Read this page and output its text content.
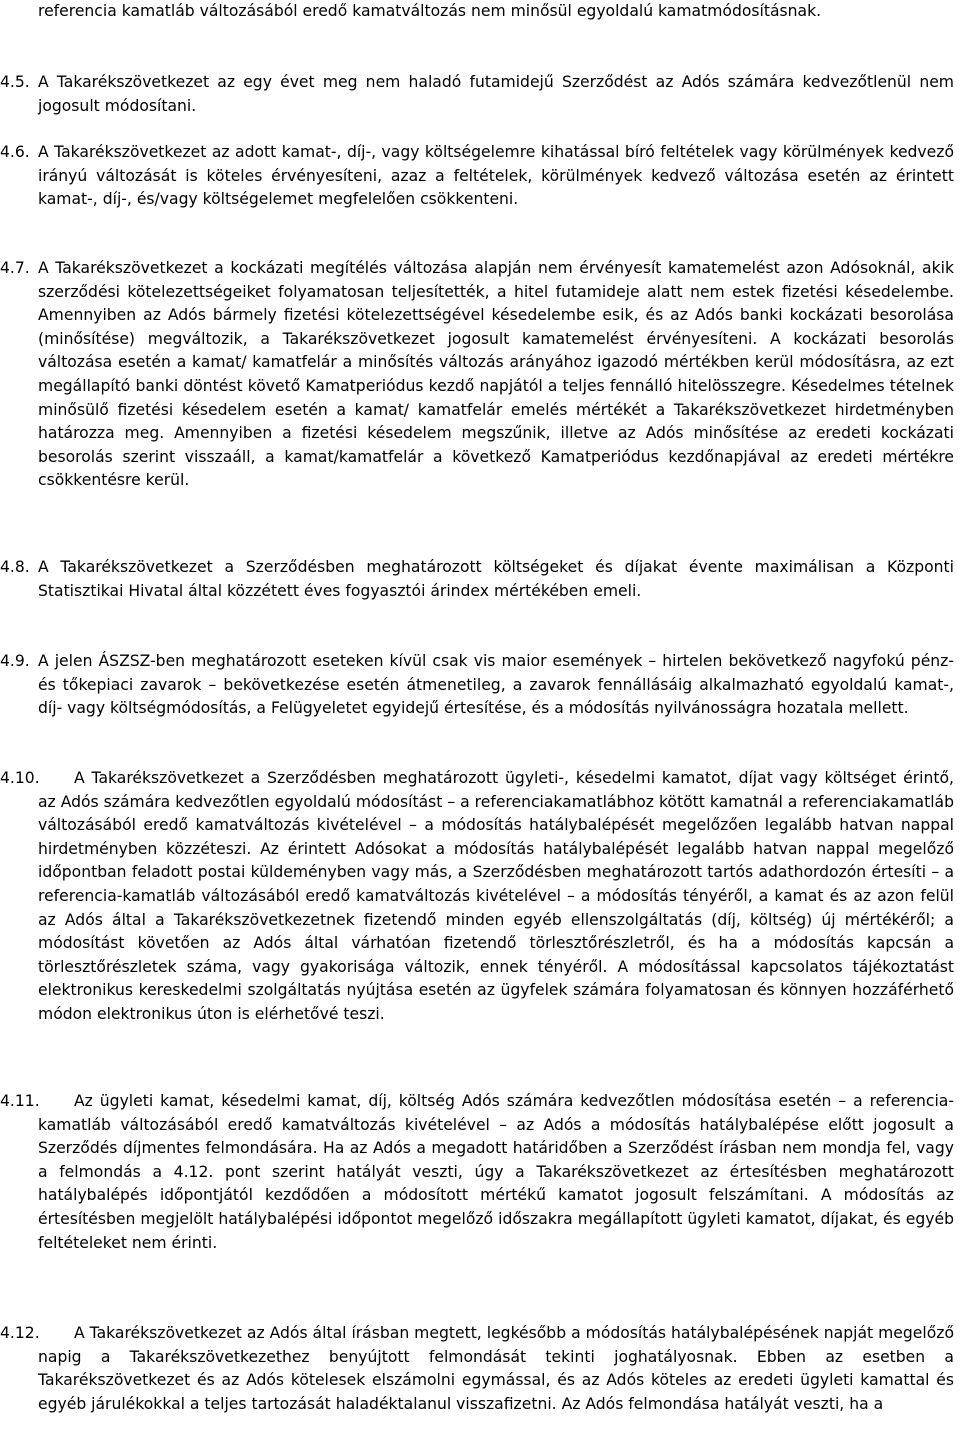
referencia kamatláb változásából eredő kamatváltozás nem minősül egyoldalú kamatmódosításnak.
4.5. A Takarékszövetkezet az egy évet meg nem haladó futamidejű Szerződést az Adós számára kedvezőtlenül nem jogosult módosítani.
4.6. A Takarékszövetkezet az adott kamat-, díj-, vagy költségelemre kihatással bíró feltételek vagy körülmények kedvező irányú változását is köteles érvényesíteni, azaz a feltételek, körülmények kedvező változása esetén az érintett kamat-, díj-, és/vagy költségelemet megfelelően csökkenteni.
4.7. A Takarékszövetkezet a kockázati megítélés változása alapján nem érvényesít kamatemelést azon Adósoknál, akik szerződési kötelezettségeiket folyamatosan teljesítették, a hitel futamideje alatt nem estek fizetési késedelembe. Amennyiben az Adós bármely fizetési kötelezettségével késedelembe esik, és az Adós banki kockázati besorolása (minősítése) megváltozik, a Takarékszövetkezet jogosult kamatemelést érvényesíteni. A kockázati besorolás változása esetén a kamat/ kamatfelár a minősítés változás arányához igazodó mértékben kerül módosításra, az ezt megállapító banki döntést követő Kamatperiódus kezdő napjától a teljes fennálló hitelösszegre. Késedelmes tételnek minősülő fizetési késedelem esetén a kamat/ kamatfelár emelés mértékét a Takarékszövetkezet hirdetményben határozza meg. Amennyiben a fizetési késedelem megszűnik, illetve az Adós minősítése az eredeti kockázati besorolás szerint visszaáll, a kamat/kamatfelár a következő Kamatperiódus kezdőnapjával az eredeti mértékre csökkentésre kerül.
4.8. A Takarékszövetkezet a Szerződésben meghatározott költségeket és díjakat évente maximálisan a Központi Statisztikai Hivatal által közzétett éves fogyasztói árindex mértékében emeli.
4.9. A jelen ÁSZSZ-ben meghatározott eseteken kívül csak vis maior események – hirtelen bekövetkező nagyfokú pénz- és tőkepiaci zavarok – bekövetkezése esetén átmenetileg, a zavarok fennállásáig alkalmazható egyoldalú kamat-, díj- vagy költségmódosítás, a Felügyeletet egyidejű értesítése, és a módosítás nyilvánosságra hozatala mellett.
4.10.	A Takarékszövetkezet a Szerződésben meghatározott ügyleti-, késedelmi kamatot, díjat vagy költséget érintő, az Adós számára kedvezőtlen egyoldalú módosítást – a referenciakamatlábhoz kötött kamatnál a referenciakamatláb változásából eredő kamatváltozás kivételével – a módosítás hatálybalépését megelőzően legalább hatvan nappal hirdetményben közzéteszi. Az érintett Adósokat a módosítás hatálybalépését legalább hatvan nappal megelőző időpontban feladott postai küldeményben vagy más, a Szerződésben meghatározott tartós adathordozón értesíti – a referencia-kamatláb változásából eredő kamatváltozás kivételével – a módosítás tényéről, a kamat és az azon felül az Adós által a Takarékszövetkezetnek fizetendő minden egyéb ellenszolgáltatás (díj, költség) új mértékéről; a módosítást követően az Adós által várhatóan fizetendő törlesztőrészletről, és ha a módosítás kapcsán a törlesztőrészletek száma, vagy gyakorisága változik, ennek tényéről. A módosítással kapcsolatos tájékoztatást elektronikus kereskedelmi szolgáltatás nyújtása esetén az ügyfelek számára folyamatosan és könnyen hozzáférhető módon elektronikus úton is elérhetővé teszi.
4.11.	Az ügyleti kamat, késedelmi kamat, díj, költség Adós számára kedvezőtlen módosítása esetén – a referencia-kamatláb változásából eredő kamatváltozás kivételével – az Adós a módosítás hatálybalépése előtt jogosult a Szerződés díjmentes felmondására. Ha az Adós a megadott határidőben a Szerződést írásban nem mondja fel, vagy a felmondás a 4.12. pont szerint hatályát veszti, úgy a Takarékszövetkezet az értesítésben meghatározott hatálybalépés időpontjától kezdődően a módosított mértékű kamatot jogosult felszámítani. A módosítás az értesítésben megjelölt hatálybalépési időpontot megelőző időszakra megállapított ügyleti kamatot, díjakat, és egyéb feltételeket nem érinti.
4.12.	A Takarékszövetkezet az Adós által írásban megtett, legkésőbb a módosítás hatálybalépésének napját megelőző napig a Takarékszövetkezethez benyújtott felmondását tekinti joghatályosnak. Ebben az esetben a Takarékszövetkezet és az Adós kötelesek elszámolni egymással, és az Adós köteles az eredeti ügyleti kamattal és egyéb járulékokkal a teljes tartozását haladéktalanul visszafizetni. Az Adós felmondása hatályát veszti, ha a
